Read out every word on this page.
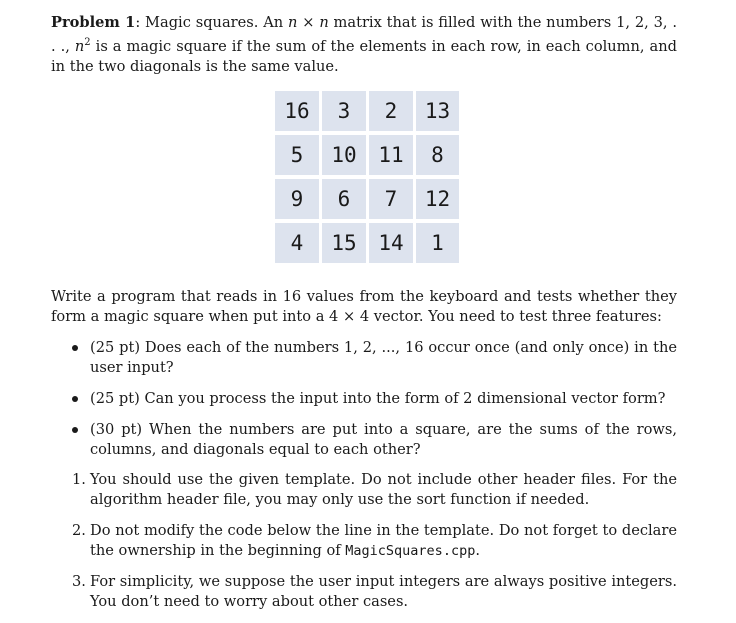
Problem 1: Magic squares. An n × n matrix that is filled with the numbers 1, 2, 3, . . ., $n^2$ is a magic square if the sum of the elements in each row, in each column, and in the two diagonals is the same value.

16	3	2	13
5	10	11	8
9	6	7	12
4	15	14	1

Write a program that reads in 16 values from the keyboard and tests whether they form a magic square when put into a 4 × 4 vector. You need to test three features:

(25 pt) Does each of the numbers 1, 2, ..., 16 occur once (and only once) in the user input?
(25 pt) Can you process the input into the form of 2 dimensional vector form?
(30 pt) When the numbers are put into a square, are the sums of the rows, columns, and diagonals equal to each other?
1. You should use the given template. Do not include other header files. For the algorithm header file, you may only use the sort function if needed.
2. Do not modify the code below the line in the template. Do not forget to declare the ownership in the beginning of MagicSquares.cpp.
3. For simplicity, we suppose the user input integers are always positive integers. You don’t need to worry about other cases.
